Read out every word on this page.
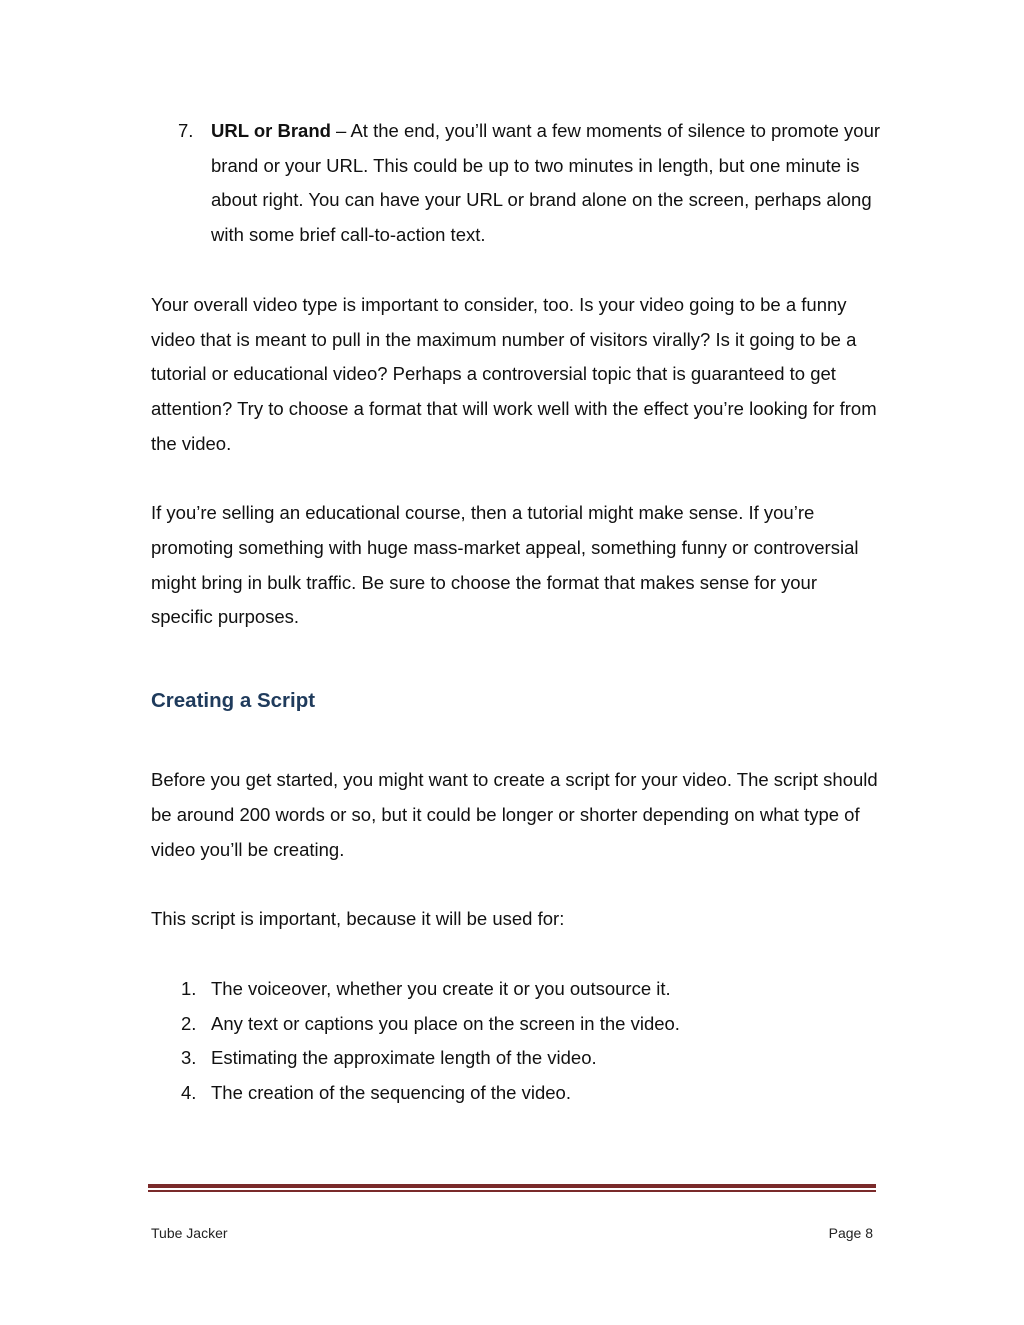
7. URL or Brand – At the end, you’ll want a few moments of silence to promote your brand or your URL. This could be up to two minutes in length, but one minute is about right. You can have your URL or brand alone on the screen, perhaps along with some brief call-to-action text.

Your overall video type is important to consider, too. Is your video going to be a funny video that is meant to pull in the maximum number of visitors virally? Is it going to be a tutorial or educational video? Perhaps a controversial topic that is guaranteed to get attention? Try to choose a format that will work well with the effect you’re looking for from the video.

If you’re selling an educational course, then a tutorial might make sense. If you’re promoting something with huge mass-market appeal, something funny or controversial might bring in bulk traffic. Be sure to choose the format that makes sense for your specific purposes.

Creating a Script

Before you get started, you might want to create a script for your video. The script should be around 200 words or so, but it could be longer or shorter depending on what type of video you’ll be creating.

This script is important, because it will be used for:

1. The voiceover, whether you create it or you outsource it.
2. Any text or captions you place on the screen in the video.
3. Estimating the approximate length of the video.
4. The creation of the sequencing of the video.
Tube Jacker	Page 8
